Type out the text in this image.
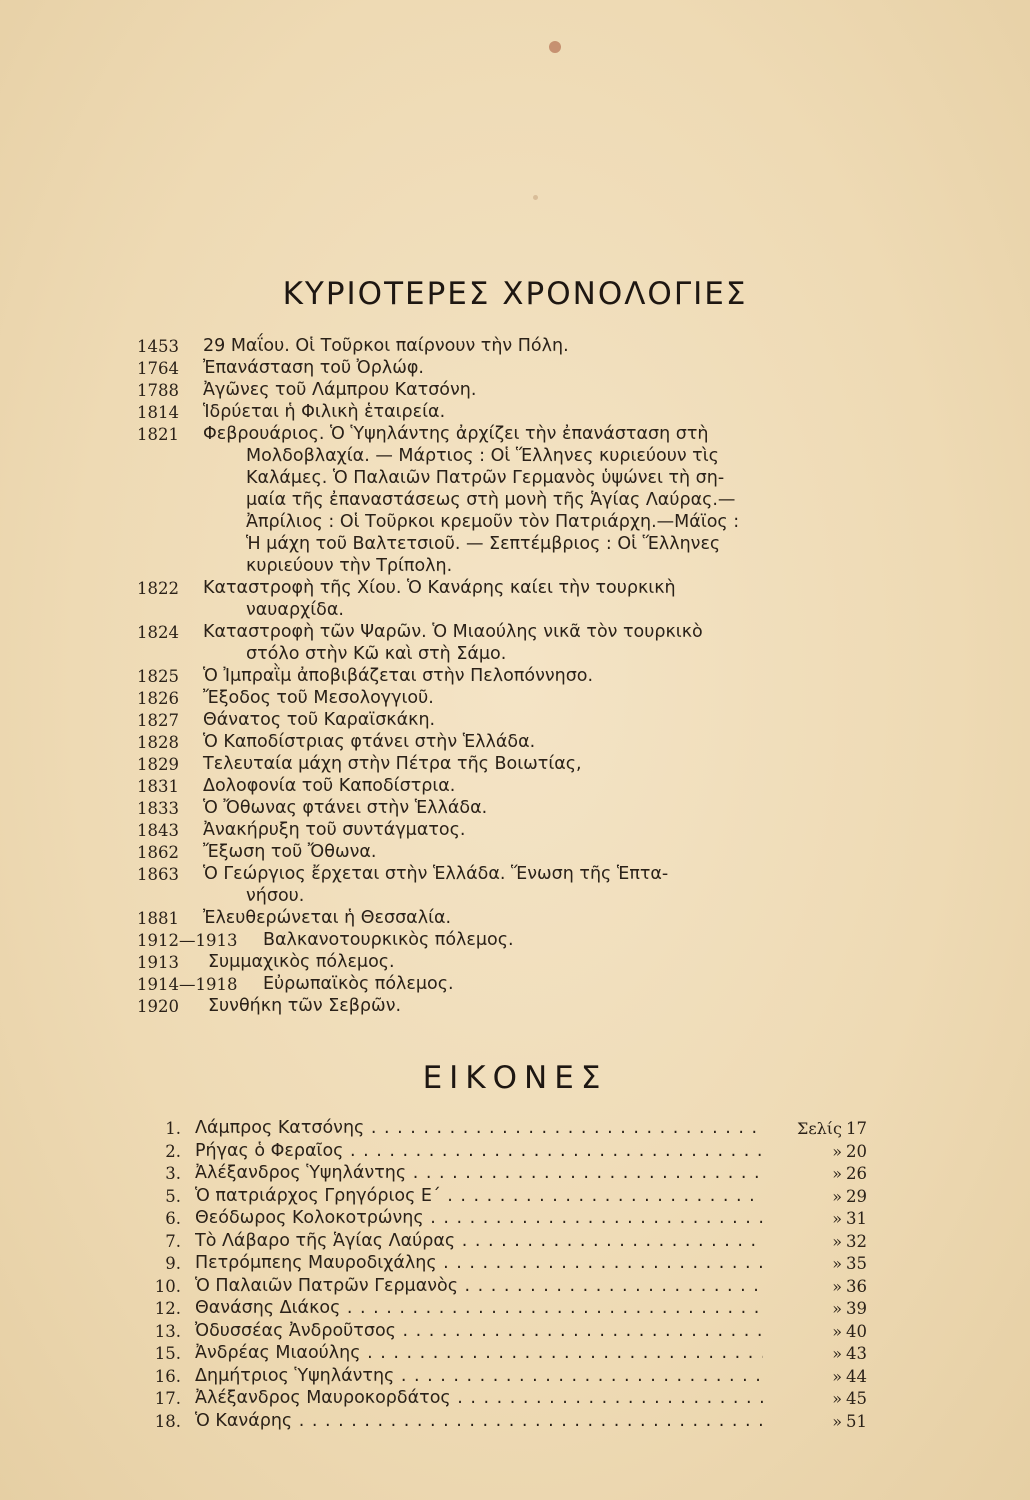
ΚΥΡΙΟΤΕΡΕΣ ΧΡΟΝΟΛΟΓΙΕΣ
1453 29 Μαΐου. Οἱ Τοῦρκοι παίρνουν τὴν Πόλη.
1764 Ἐπανάσταση τοῦ Ὀρλώφ.
1788 Ἀγῶνες τοῦ Λάμπρου Κατσόνη.
1814 Ἱδρύεται ἡ Φιλικὴ ἑταιρεία.
1821 Φεβρουάριος. Ὁ Ὑψηλάντης ἀρχίζει τὴν ἐπανάσταση στὴ
Μολδοβλαχία. — Μάρτιος : Οἱ Ἕλληνες κυριεύουν τὶς
Καλάμες. Ὁ Παλαιῶν Πατρῶν Γερμανὸς ὑψώνει τὴ ση-
μαία τῆς ἐπαναστάσεως στὴ μονὴ τῆς Ἁγίας Λαύρας.—
Ἀπρίλιος : Οἱ Τοῦρκοι κρεμοῦν τὸν Πατριάρχη.—Μάϊος :
Ἡ μάχη τοῦ Βαλτετσιοῦ. — Σεπτέμβριος : Οἱ Ἕλληνες
κυριεύουν τὴν Τρίπολη.
1822 Καταστροφὴ τῆς Χίου. Ὁ Κανάρης καίει τὴν τουρκικὴ
ναυαρχίδα.
1824 Καταστροφὴ τῶν Ψαρῶν. Ὁ Μιαούλης νικᾶ τὸν τουρκικὸ
στόλο στὴν Κῶ καὶ στὴ Σάμο.
1825 Ὁ Ἰμπραῒμ ἀποβιβάζεται στὴν Πελοπόννησο.
1826 Ἔξοδος τοῦ Μεσολογγιοῦ.
1827 Θάνατος τοῦ Καραϊσκάκη.
1828 Ὁ Καποδίστριας φτάνει στὴν Ἑλλάδα.
1829 Τελευταία μάχη στὴν Πέτρα τῆς Βοιωτίας,
1831 Δολοφονία τοῦ Καποδίστρια.
1833 Ὁ Ὄθωνας φτάνει στὴν Ἑλλάδα.
1843 Ἀνακήρυξη τοῦ συντάγματος.
1862 Ἔξωση τοῦ Ὄθωνα.
1863 Ὁ Γεώργιος ἔρχεται στὴν Ἑλλάδα. Ἕνωση τῆς Ἑπτα-
νήσου.
1881 Ἐλευθερώνεται ἡ Θεσσαλία.
1912—1913 Βαλκανοτουρκικὸς πόλεμος.
1913 Συμμαχικὸς πόλεμος.
1914—1918 Εὐρωπαϊκὸς πόλεμος.
1920 Συνθήκη τῶν Σεβρῶν.
ΕΙΚΟΝΕΣ
1. Λάμπρος Κατσόνης . . .	Σελίς 17
2. Ρήγας ὁ Φεραῖος . . .	» 20
3. Ἀλέξανδρος Ὑψηλάντης . . .	» 26
5. Ὁ πατριάρχος Γρηγόριος Ε΄ . . .	» 29
6. Θεόδωρος Κολοκοτρώνης . . .	» 31
7. Τὸ Λάβαρο τῆς Ἁγίας Λαύρας . . .	» 32
9. Πετρόμπεης Μαυροδιχάλης . . .	» 35
10. Ὁ Παλαιῶν Πατρῶν Γερμανὸς . . .	» 36
12. Θανάσης Διάκος . . .	» 39
13. Ὀδυσσέας Ἀνδροῦτσος . . .	» 40
15. Ἀνδρέας Μιαούλης . . .	» 43
16. Δημήτριος Ὑψηλάντης . . .	» 44
17. Ἀλέξανδρος Μαυροκορδάτος . . .	» 45
18. Ὁ Κανάρης . . .	» 51
